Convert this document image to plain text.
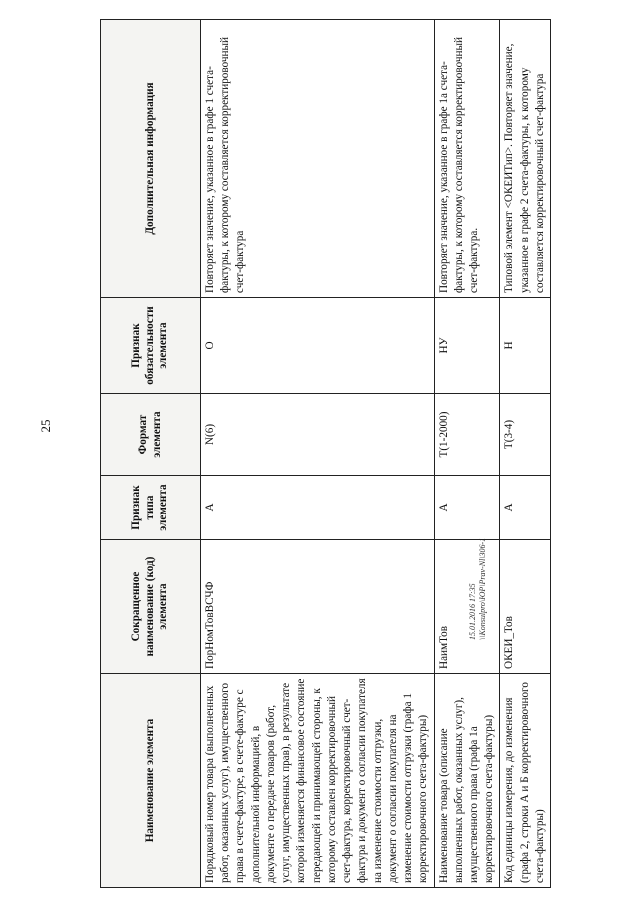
25
15.01.2016 17:35 \\Konsulpro\ЮР\Prav-Nl\306-1
Наименование элемента	Сокращенное наименование (код) элемента	Признак типа элемента	Формат элемента	Признак обязательности элемента	Дополнительная информация
Порядковый номер товара (выполненных работ, оказанных услуг), имущественного права в счете-фактуре, в счете-фактуре с дополнительной информацией, в документе о передаче товаров (работ, услуг, имущественных прав), в результате которой изменяется финансовое состояние передающей и принимающей стороны, к которому составлен корректировочный счет-фактура, корректировочный счет-фактура и документ о согласии покупателя на изменение стоимости отгрузки, документ о согласии покупателя на изменение стоимости отгрузки (графа 1 корректировочного счета-фактуры)	ПорНомТовВСЧФ	А	N(6)	О	Повторяет значение, указанное в графе 1 счета-фактуры, к которому составляется корректировочный счет-фактура
Наименование товара (описание выполненных работ, оказанных услуг), имущественного права (графа 1а корректировочного счета-фактуры)	НаимТов	А	Т(1-2000)	НУ	Повторяет значение, указанное в графе 1а счета-фактуры, к которому составляется корректировочный счет-фактура.
Код единицы измерения, до изменения (графа 2, строки А и Б корректировочного счета-фактуры)	ОКЕИ_Тов	А	Т(3-4)	Н	Типовой элемент <ОКЕИТип>. Повторяет значение, указанное в графе 2 счета-фактуры, к которому составляется корректировочный счет-фактура
